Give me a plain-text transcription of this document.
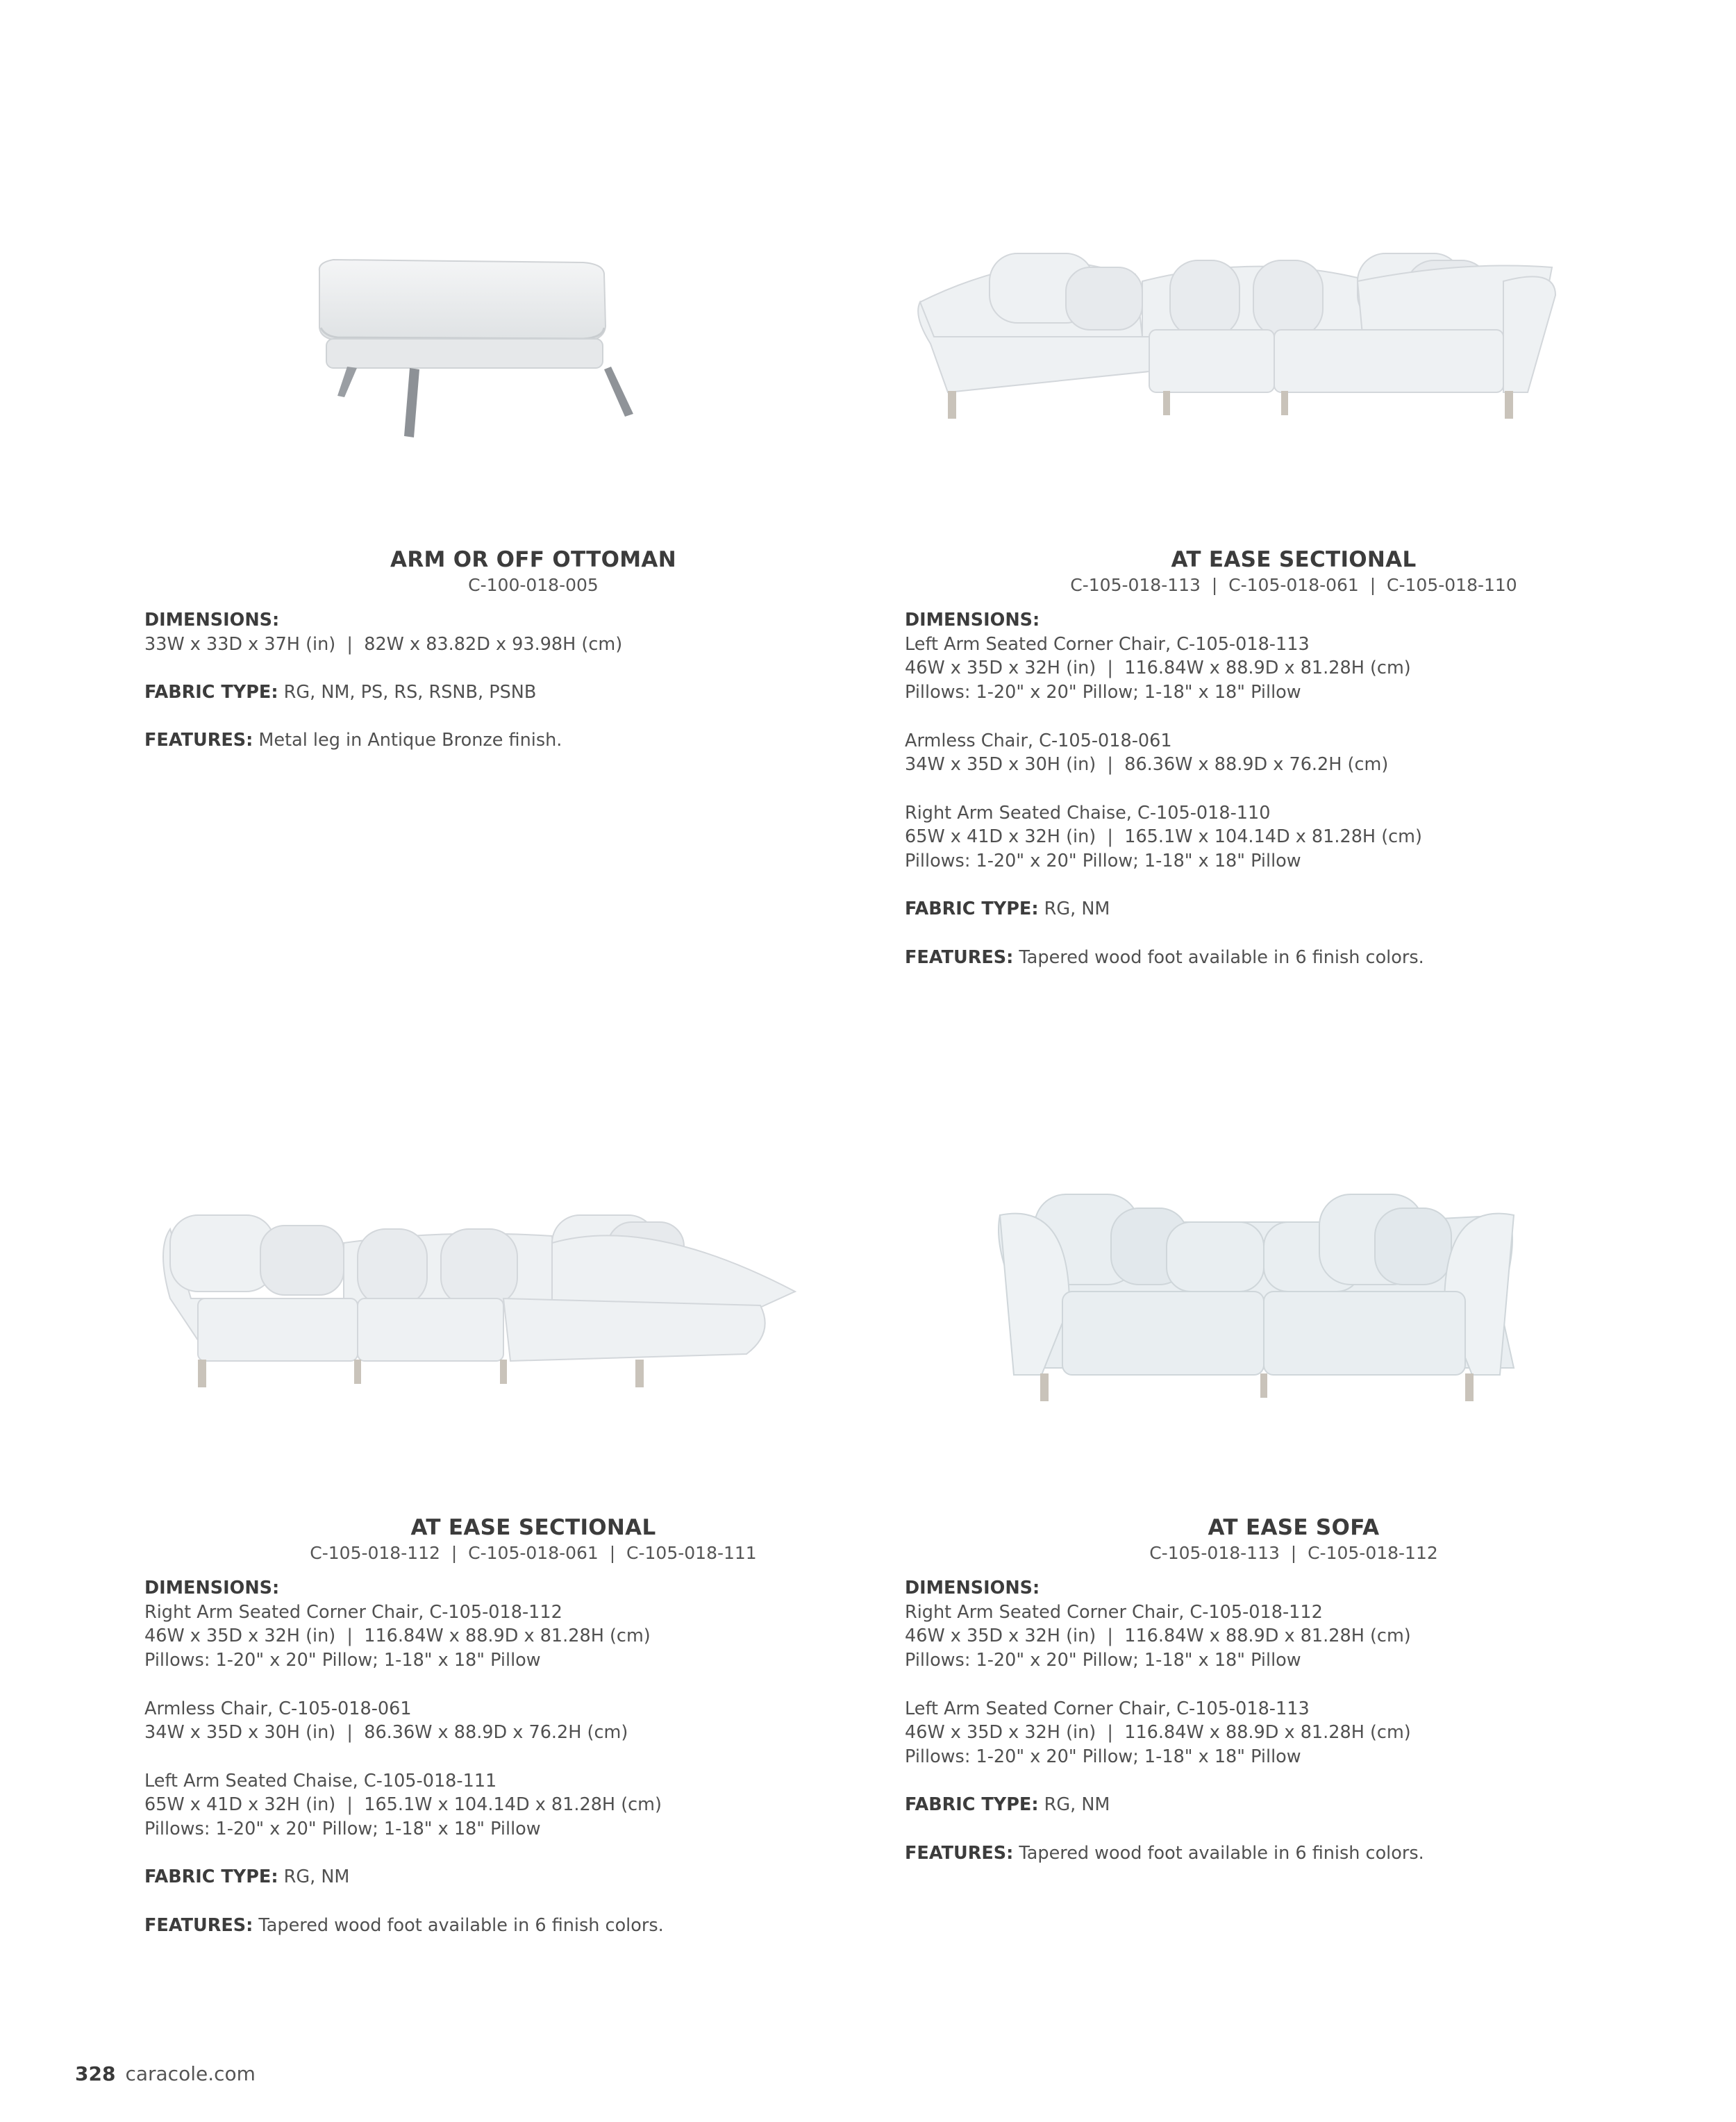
ARM OR OFF OTTOMAN

C-100-018-005

DIMENSIONS:
33W x 33D x 37H (in)  |  82W x 83.82D x 93.98H (cm)
FABRIC TYPE: RG, NM, PS, RS, RSNB, PSNB
FEATURES: Metal leg in Antique Bronze finish.

AT EASE SECTIONAL

C-105-018-113  |  C-105-018-061  |  C-105-018-110

DIMENSIONS:
Left Arm Seated Corner Chair, C-105-018-113
46W x 35D x 32H (in)  |  116.84W x 88.9D x 81.28H (cm)
Pillows: 1-20" x 20" Pillow; 1-18" x 18" Pillow
Armless Chair, C-105-018-061
34W x 35D x 30H (in)  |  86.36W x 88.9D x 76.2H (cm)
Right Arm Seated Chaise, C-105-018-110
65W x 41D x 32H (in)  |  165.1W x 104.14D x 81.28H (cm)
Pillows: 1-20" x 20" Pillow; 1-18" x 18" Pillow
FABRIC TYPE: RG, NM
FEATURES: Tapered wood foot available in 6 finish colors.

AT EASE SECTIONAL

C-105-018-112  |  C-105-018-061  |  C-105-018-111

DIMENSIONS:
Right Arm Seated Corner Chair, C-105-018-112
46W x 35D x 32H (in)  |  116.84W x 88.9D x 81.28H (cm)
Pillows: 1-20" x 20" Pillow; 1-18" x 18" Pillow
Armless Chair, C-105-018-061
34W x 35D x 30H (in)  |  86.36W x 88.9D x 76.2H (cm)
Left Arm Seated Chaise, C-105-018-111
65W x 41D x 32H (in)  |  165.1W x 104.14D x 81.28H (cm)
Pillows: 1-20" x 20" Pillow; 1-18" x 18" Pillow
FABRIC TYPE: RG, NM
FEATURES: Tapered wood foot available in 6 finish colors.

AT EASE SOFA

C-105-018-113  |  C-105-018-112

DIMENSIONS:
Right Arm Seated Corner Chair, C-105-018-112
46W x 35D x 32H (in)  |  116.84W x 88.9D x 81.28H (cm)
Pillows: 1-20" x 20" Pillow; 1-18" x 18" Pillow
Left Arm Seated Corner Chair, C-105-018-113
46W x 35D x 32H (in)  |  116.84W x 88.9D x 81.28H (cm)
Pillows: 1-20" x 20" Pillow; 1-18" x 18" Pillow
FABRIC TYPE: RG, NM
FEATURES: Tapered wood foot available in 6 finish colors.
328 caracole.com
